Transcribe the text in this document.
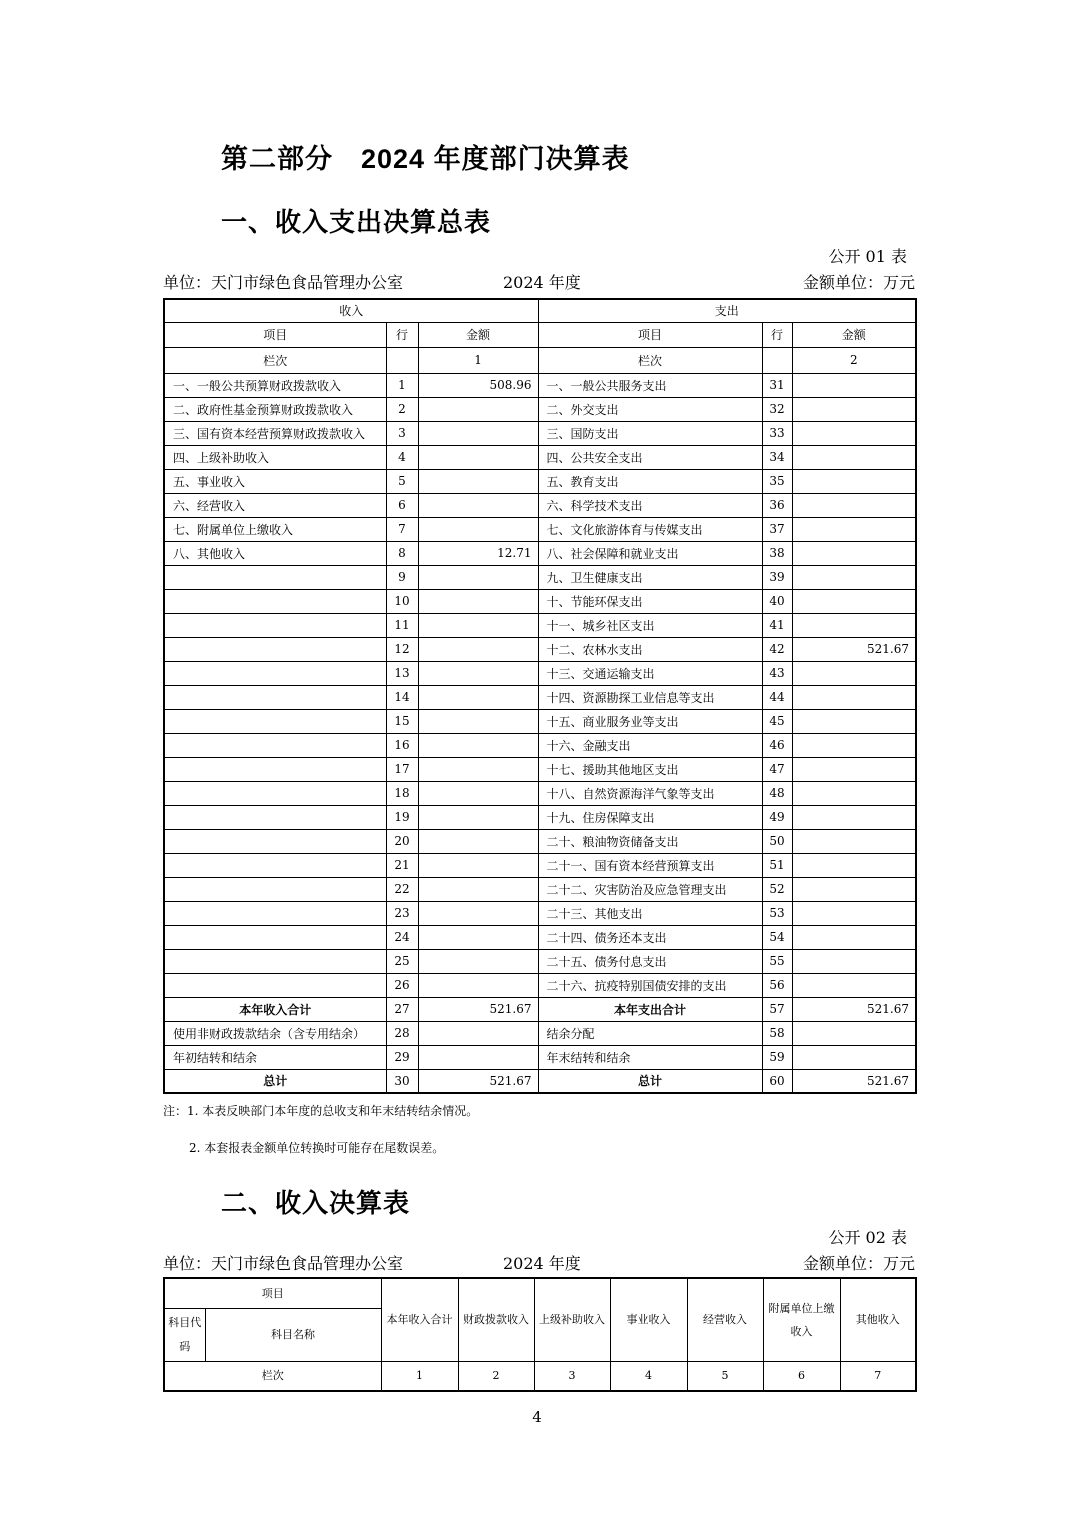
第二部分　2024 年度部门决算表
一、收入支出决算总表
公开 01 表
单位：天门市绿色食品管理办公室	2024 年度	金额单位：万元
收入			支出		
项目	行	金额	项目	行	金额
栏次		1	栏次		2
一、一般公共预算财政拨款收入	1	508.96	一、一般公共服务支出	31	
二、政府性基金预算财政拨款收入	2		二、外交支出	32	
三、国有资本经营预算财政拨款收入	3		三、国防支出	33	
四、上级补助收入	4		四、公共安全支出	34	
五、事业收入	5		五、教育支出	35	
六、经营收入	6		六、科学技术支出	36	
七、附属单位上缴收入	7		七、文化旅游体育与传媒支出	37	
八、其他收入	8	12.71	八、社会保障和就业支出	38	
	9		九、卫生健康支出	39	
	10		十、节能环保支出	40	
	11		十一、城乡社区支出	41	
	12		十二、农林水支出	42	521.67
	13		十三、交通运输支出	43	
	14		十四、资源勘探工业信息等支出	44	
	15		十五、商业服务业等支出	45	
	16		十六、金融支出	46	
	17		十七、援助其他地区支出	47	
	18		十八、自然资源海洋气象等支出	48	
	19		十九、住房保障支出	49	
	20		二十、粮油物资储备支出	50	
	21		二十一、国有资本经营预算支出	51	
	22		二十二、灾害防治及应急管理支出	52	
	23		二十三、其他支出	53	
	24		二十四、债务还本支出	54	
	25		二十五、债务付息支出	55	
	26		二十六、抗疫特别国债安排的支出	56	
本年收入合计	27	521.67	本年支出合计	57	521.67
使用非财政拨款结余（含专用结余）	28		结余分配	58	
年初结转和结余	29		年末结转和结余	59	
总计	30	521.67	总计	60	521.67
注：1. 本表反映部门本年度的总收支和年末结转结余情况。
2. 本套报表金额单位转换时可能存在尾数误差。
二、收入决算表
公开 02 表
单位：天门市绿色食品管理办公室	2024 年度	金额单位：万元
项目		本年收入合计	财政拨款收入	上级补助收入	事业收入	经营收入	附属单位上缴收入	其他收入
科目代码	科目名称							
栏次		1	2	3	4	5	6	7
4
